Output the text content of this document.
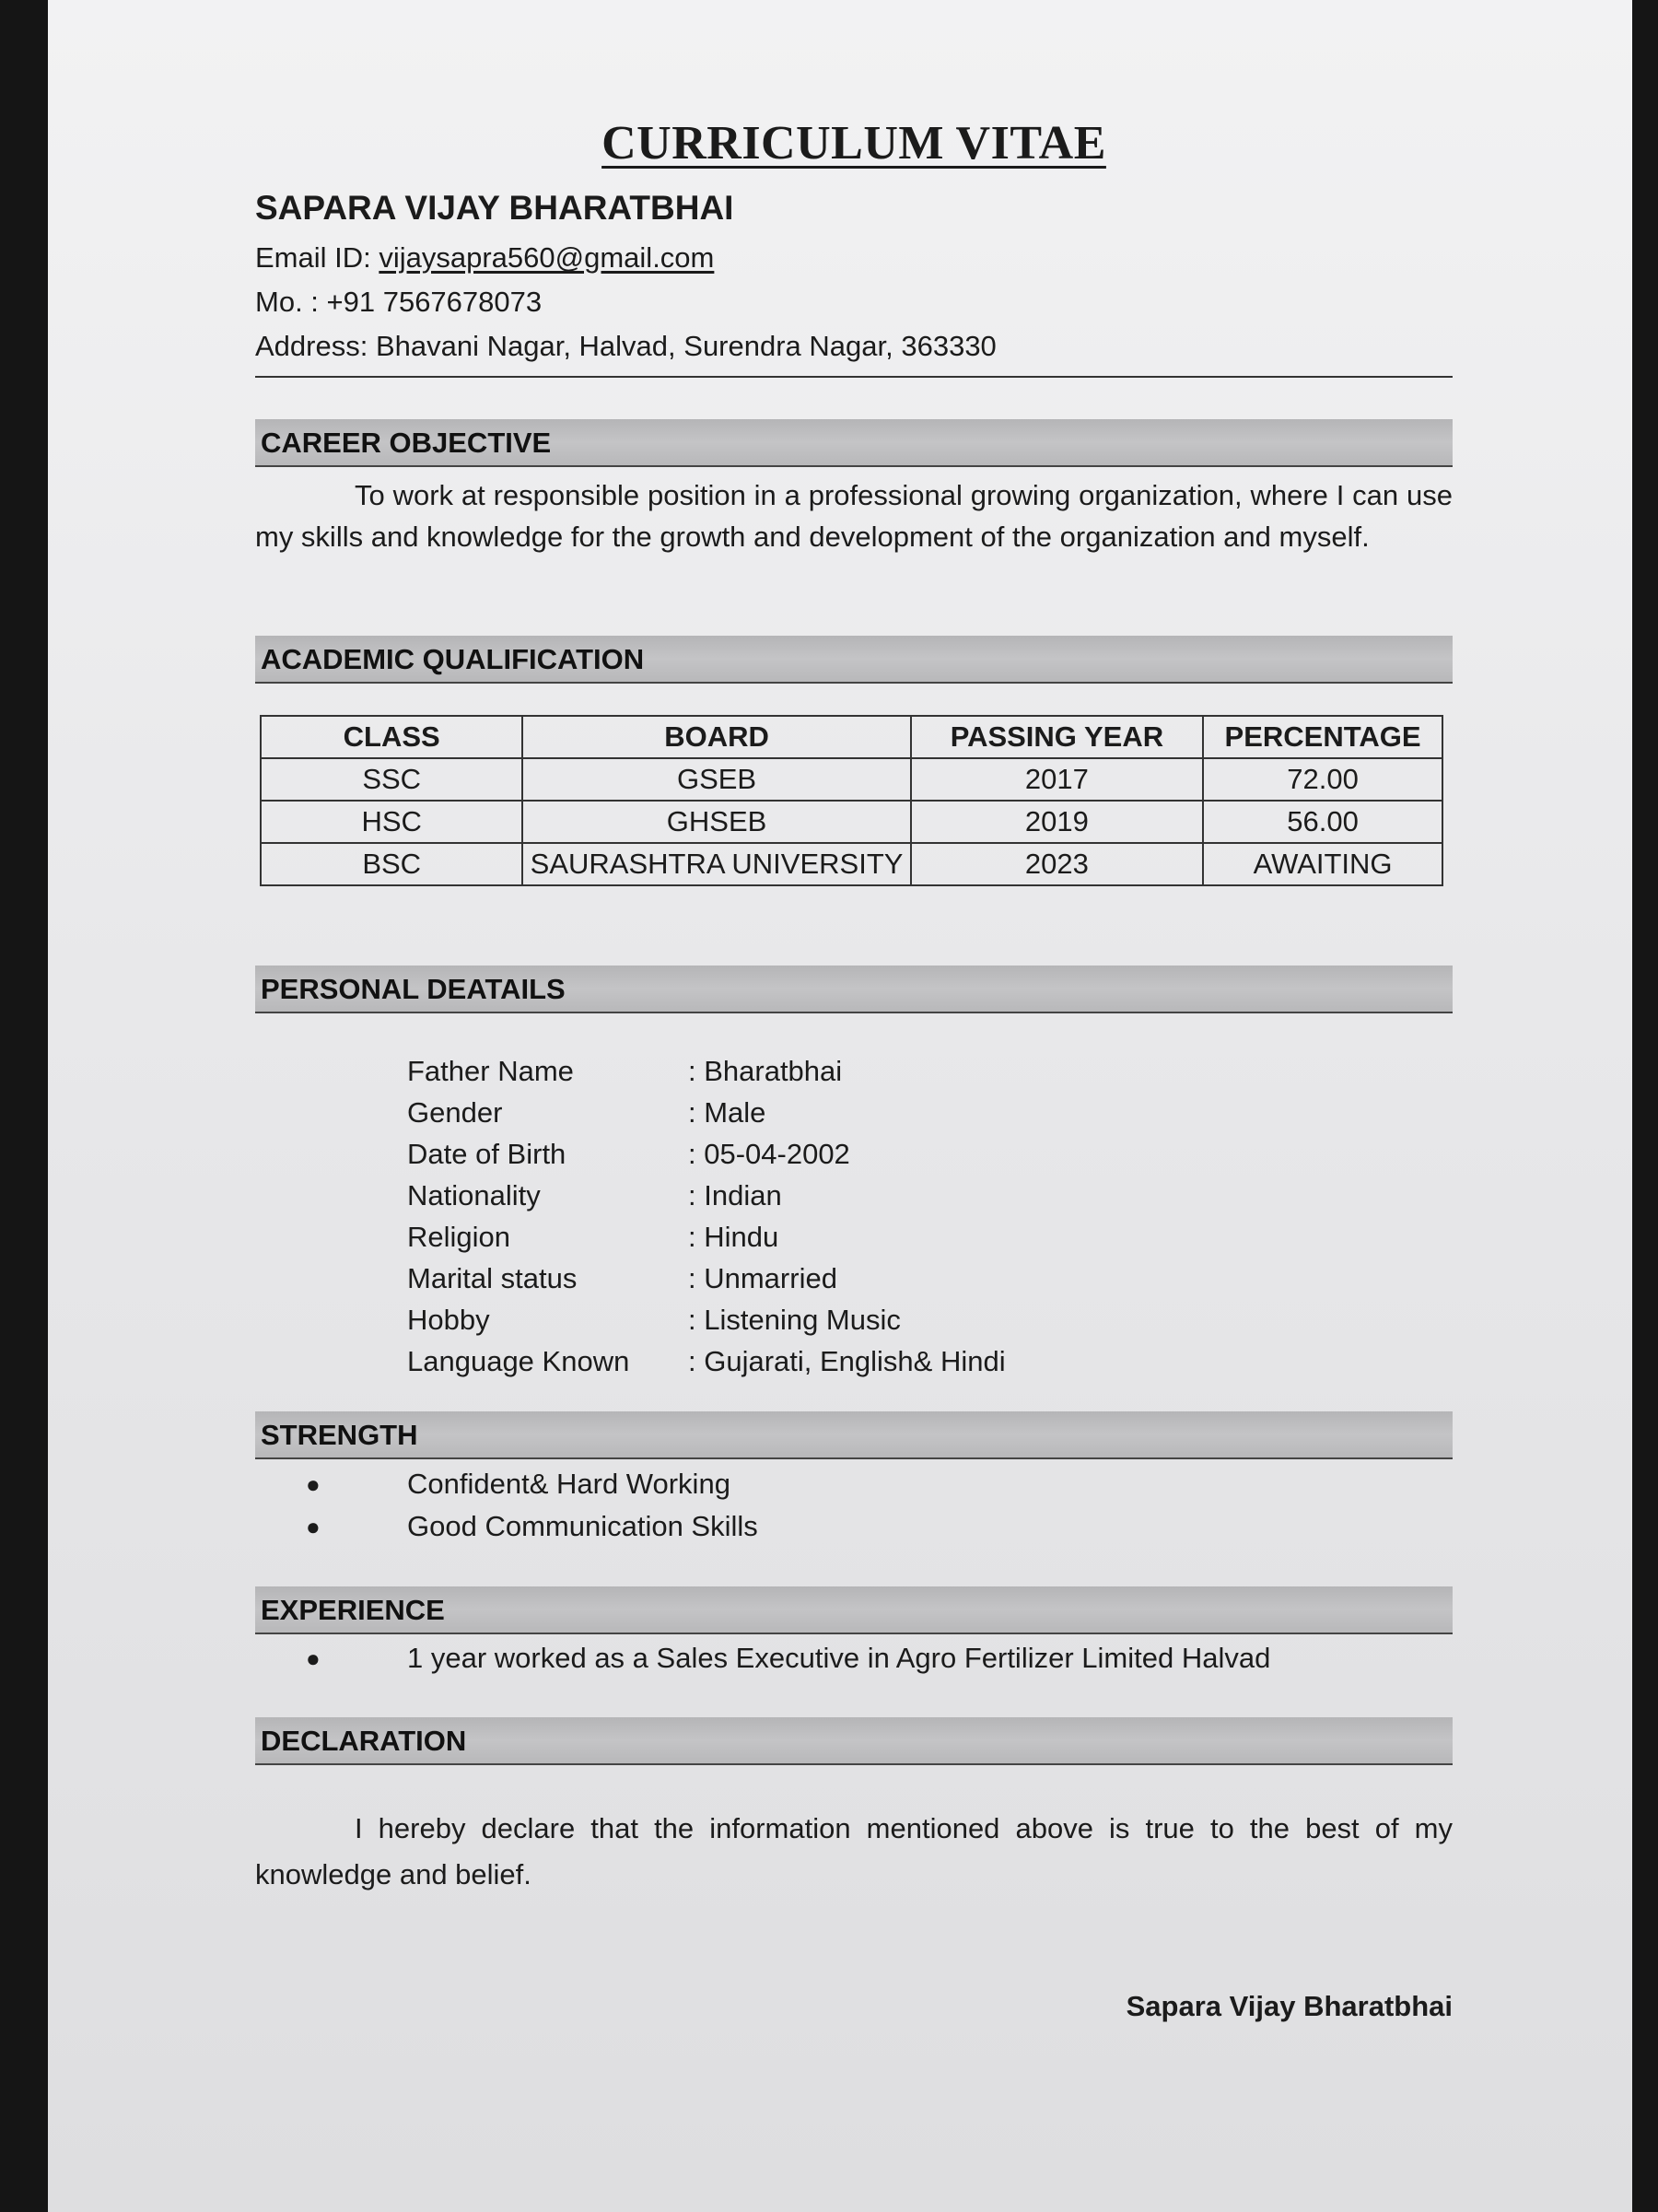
CURRICULUM VITAE
SAPARA VIJAY BHARATBHAI
Email ID: vijaysapra560@gmail.com
Mo. : +91 7567678073
Address: Bhavani Nagar, Halvad, Surendra Nagar, 363330
CAREER OBJECTIVE
To work at responsible position in a professional growing organization, where I can use my skills and knowledge for the growth and development of the organization and myself.
ACADEMIC QUALIFICATION
CLASS	BOARD	PASSING YEAR	PERCENTAGE
SSC	GSEB	2017	72.00
HSC	GHSEB	2019	56.00
BSC	SAURASHTRA UNIVERSITY	2023	AWAITING
PERSONAL DEATAILS
Father Name	: Bharatbhai
Gender	: Male
Date of Birth	: 05-04-2002
Nationality	: Indian
Religion	: Hindu
Marital status	: Unmarried
Hobby	: Listening Music
Language Known	: Gujarati, English& Hindi
STRENGTH
●	Confident& Hard Working
●	Good Communication Skills
EXPERIENCE
●	1 year worked as a Sales Executive in Agro Fertilizer Limited Halvad
DECLARATION
I hereby declare that the information mentioned above is true to the best of my knowledge and belief.
Sapara Vijay Bharatbhai
